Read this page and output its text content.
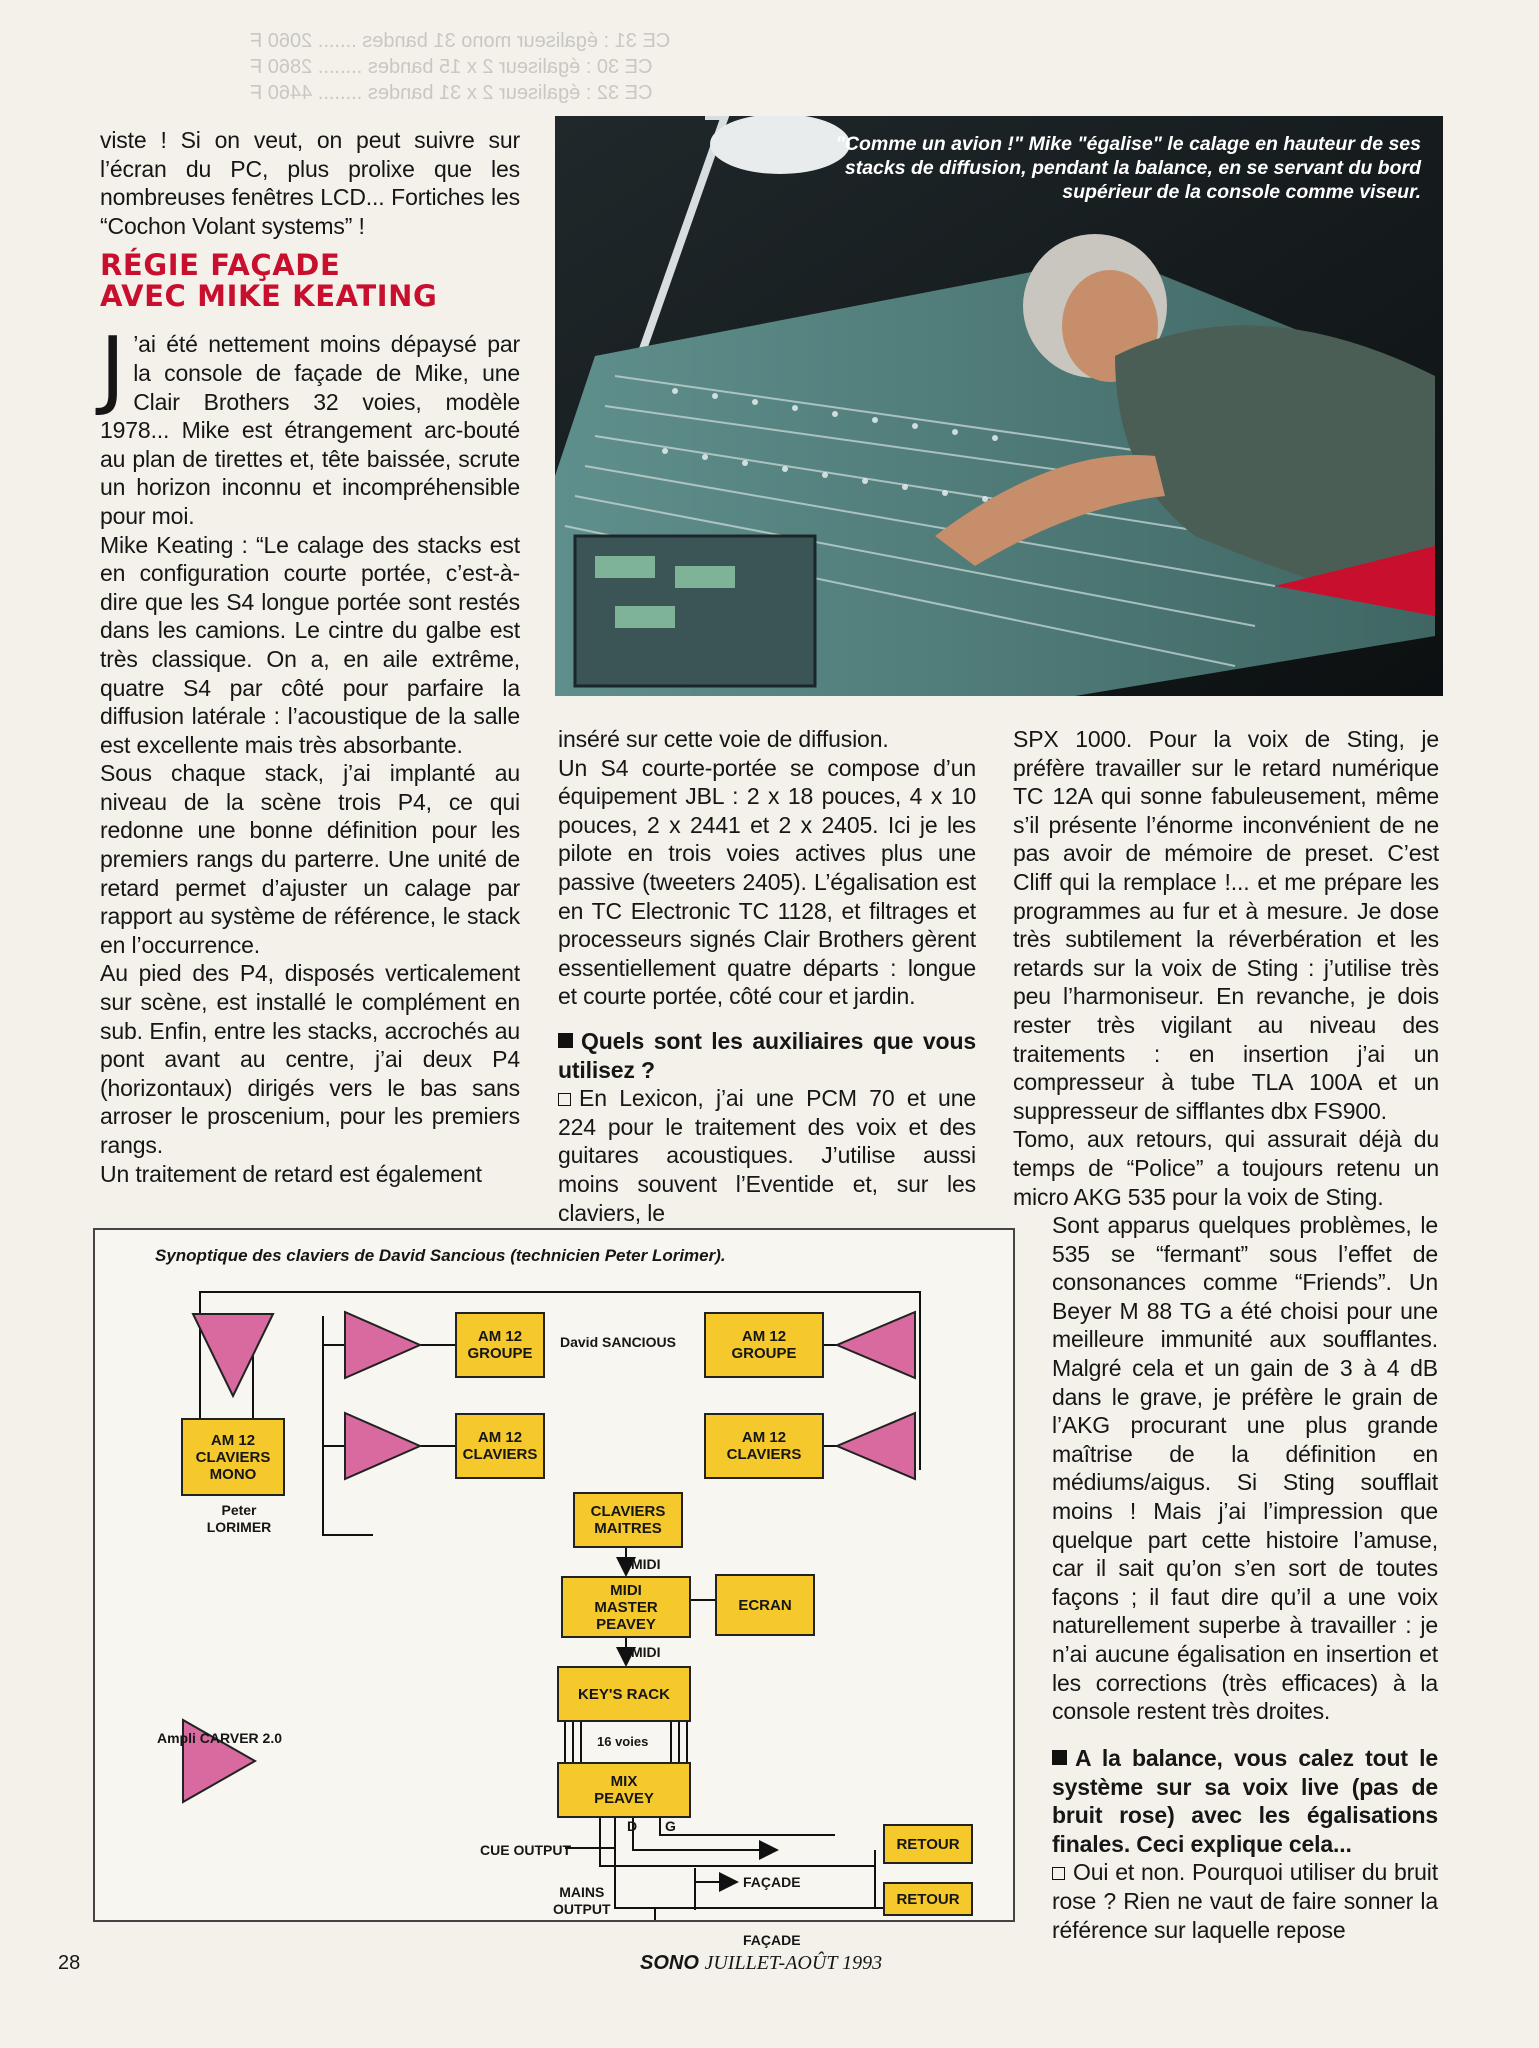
CE 31 : égaliseur mono 31 bandes ....... 2060 F
CE 30 : égaliseur 2 x 15 bandes ........ 2860 F
CE 32 : égaliseur 2 x 31 bandes ........ 4460 F

viste ! Si on veut, on peut suivre sur l’écran du PC, plus prolixe que les nombreuses fenêtres LCD... Fortiches les “Cochon Volant systems” !

RÉGIE FAÇADE
AVEC MIKE KEATING

J ’ai été nettement moins dépaysé par la console de façade de Mike, une Clair Brothers 32 voies, modèle 1978... Mike est étrangement arc-bouté au plan de tirettes et, tête baissée, scrute un horizon inconnu et incompréhensible pour moi.

Mike Keating : “Le calage des stacks est en configuration courte portée, c’est-à-dire que les S4 longue portée sont restés dans les camions. Le cintre du galbe est très classique. On a, en aile extrême, quatre S4 par côté pour parfaire la diffusion latérale : l’acoustique de la salle est excellente mais très absorbante.

Sous chaque stack, j’ai implanté au niveau de la scène trois P4, ce qui redonne une bonne définition pour les premiers rangs du parterre. Une unité de retard permet d’ajuster un calage par rapport au système de référence, le stack en l’occurrence.

Au pied des P4, disposés verticalement sur scène, est installé le complément en sub. Enfin, entre les stacks, accrochés au pont avant au centre, j’ai deux P4 (horizontaux) dirigés vers le bas sans arroser le proscenium, pour les premiers rangs.

Un traitement de retard est également

"Comme un avion !" Mike "égalise" le calage en hauteur de ses stacks de diffusion, pendant la balance, en se servant du bord supérieur de la console comme viseur.

inséré sur cette voie de diffusion.

Un S4 courte-portée se compose d’un équipement JBL : 2 x 18 pouces, 4 x 10 pouces, 2 x 2441 et 2 x 2405. Ici je les pilote en trois voies actives plus une passive (tweeters 2405). L’égalisation est en TC Electronic TC 1128, et filtrages et processeurs signés Clair Brothers gèrent essentiellement quatre départs : longue et courte portée, côté cour et jardin.

Quels sont les auxiliaires que vous utilisez ?

En Lexicon, j’ai une PCM 70 et une 224 pour le traitement des voix et des guitares acoustiques. J’utilise aussi moins souvent l’Eventide et, sur les claviers, le

SPX 1000. Pour la voix de Sting, je préfère travailler sur le retard numérique TC 12A qui sonne fabuleusement, même s’il présente l’énorme inconvénient de ne pas avoir de mémoire de preset. C’est Cliff qui la remplace !... et me prépare les programmes au fur et à mesure. Je dose très subtilement la réverbération et les retards sur la voix de Sting : j’utilise très peu l’harmoniseur. En revanche, je dois rester très vigilant au niveau des traitements : en insertion j’ai un compresseur à tube TLA 100A et un suppresseur de sifflantes dbx FS900.

Tomo, aux retours, qui assurait déjà du temps de “Police” a toujours retenu un micro AKG 535 pour la voix de Sting.

Sont apparus quelques problèmes, le 535 se “fermant” sous l’effet de consonances comme “Friends”. Un Beyer M 88 TG a été choisi pour une meilleure immunité aux soufflantes. Malgré cela et un gain de 3 à 4 dB dans le grave, je préfère le grain de l’AKG procurant une plus grande maîtrise de la définition en médiums/aigus. Si Sting soufflait moins ! Mais j’ai l’impression que quelque part cette histoire l’amuse, car il sait qu’on s’en sort de toutes façons ; il faut dire qu’il a une voix naturellement superbe à travailler : je n’ai aucune égalisation en insertion et les corrections (très efficaces) à la console restent très droites.

A la balance, vous calez tout le système sur sa voix live (pas de bruit rose) avec les égalisations finales. Ceci explique cela...

Oui et non. Pourquoi utiliser du bruit rose ? Rien ne vaut de faire sonner la référence sur laquelle repose

Synoptique des claviers de David Sancious (technicien Peter Lorimer).
AM 12
CLAVIERS
MONO
Peter
LORIMER
AM 12
GROUPE
David SANCIOUS	AM 12
GROUPE
AM 12
CLAVIERS
AM 12
CLAVIERS
CLAVIERS
MAITRES
MIDI
MIDI
MASTER
PEAVEY
ECRAN
MIDI
KEY'S RACK
16 voies
MIX
PEAVEY
D G
Ampli CARVER 2.0
CUE OUTPUT
MAINS
OUTPUT
FAÇADE
FAÇADE
RETOUR
RETOUR
28	SONO JUILLET-AOÛT 1993
